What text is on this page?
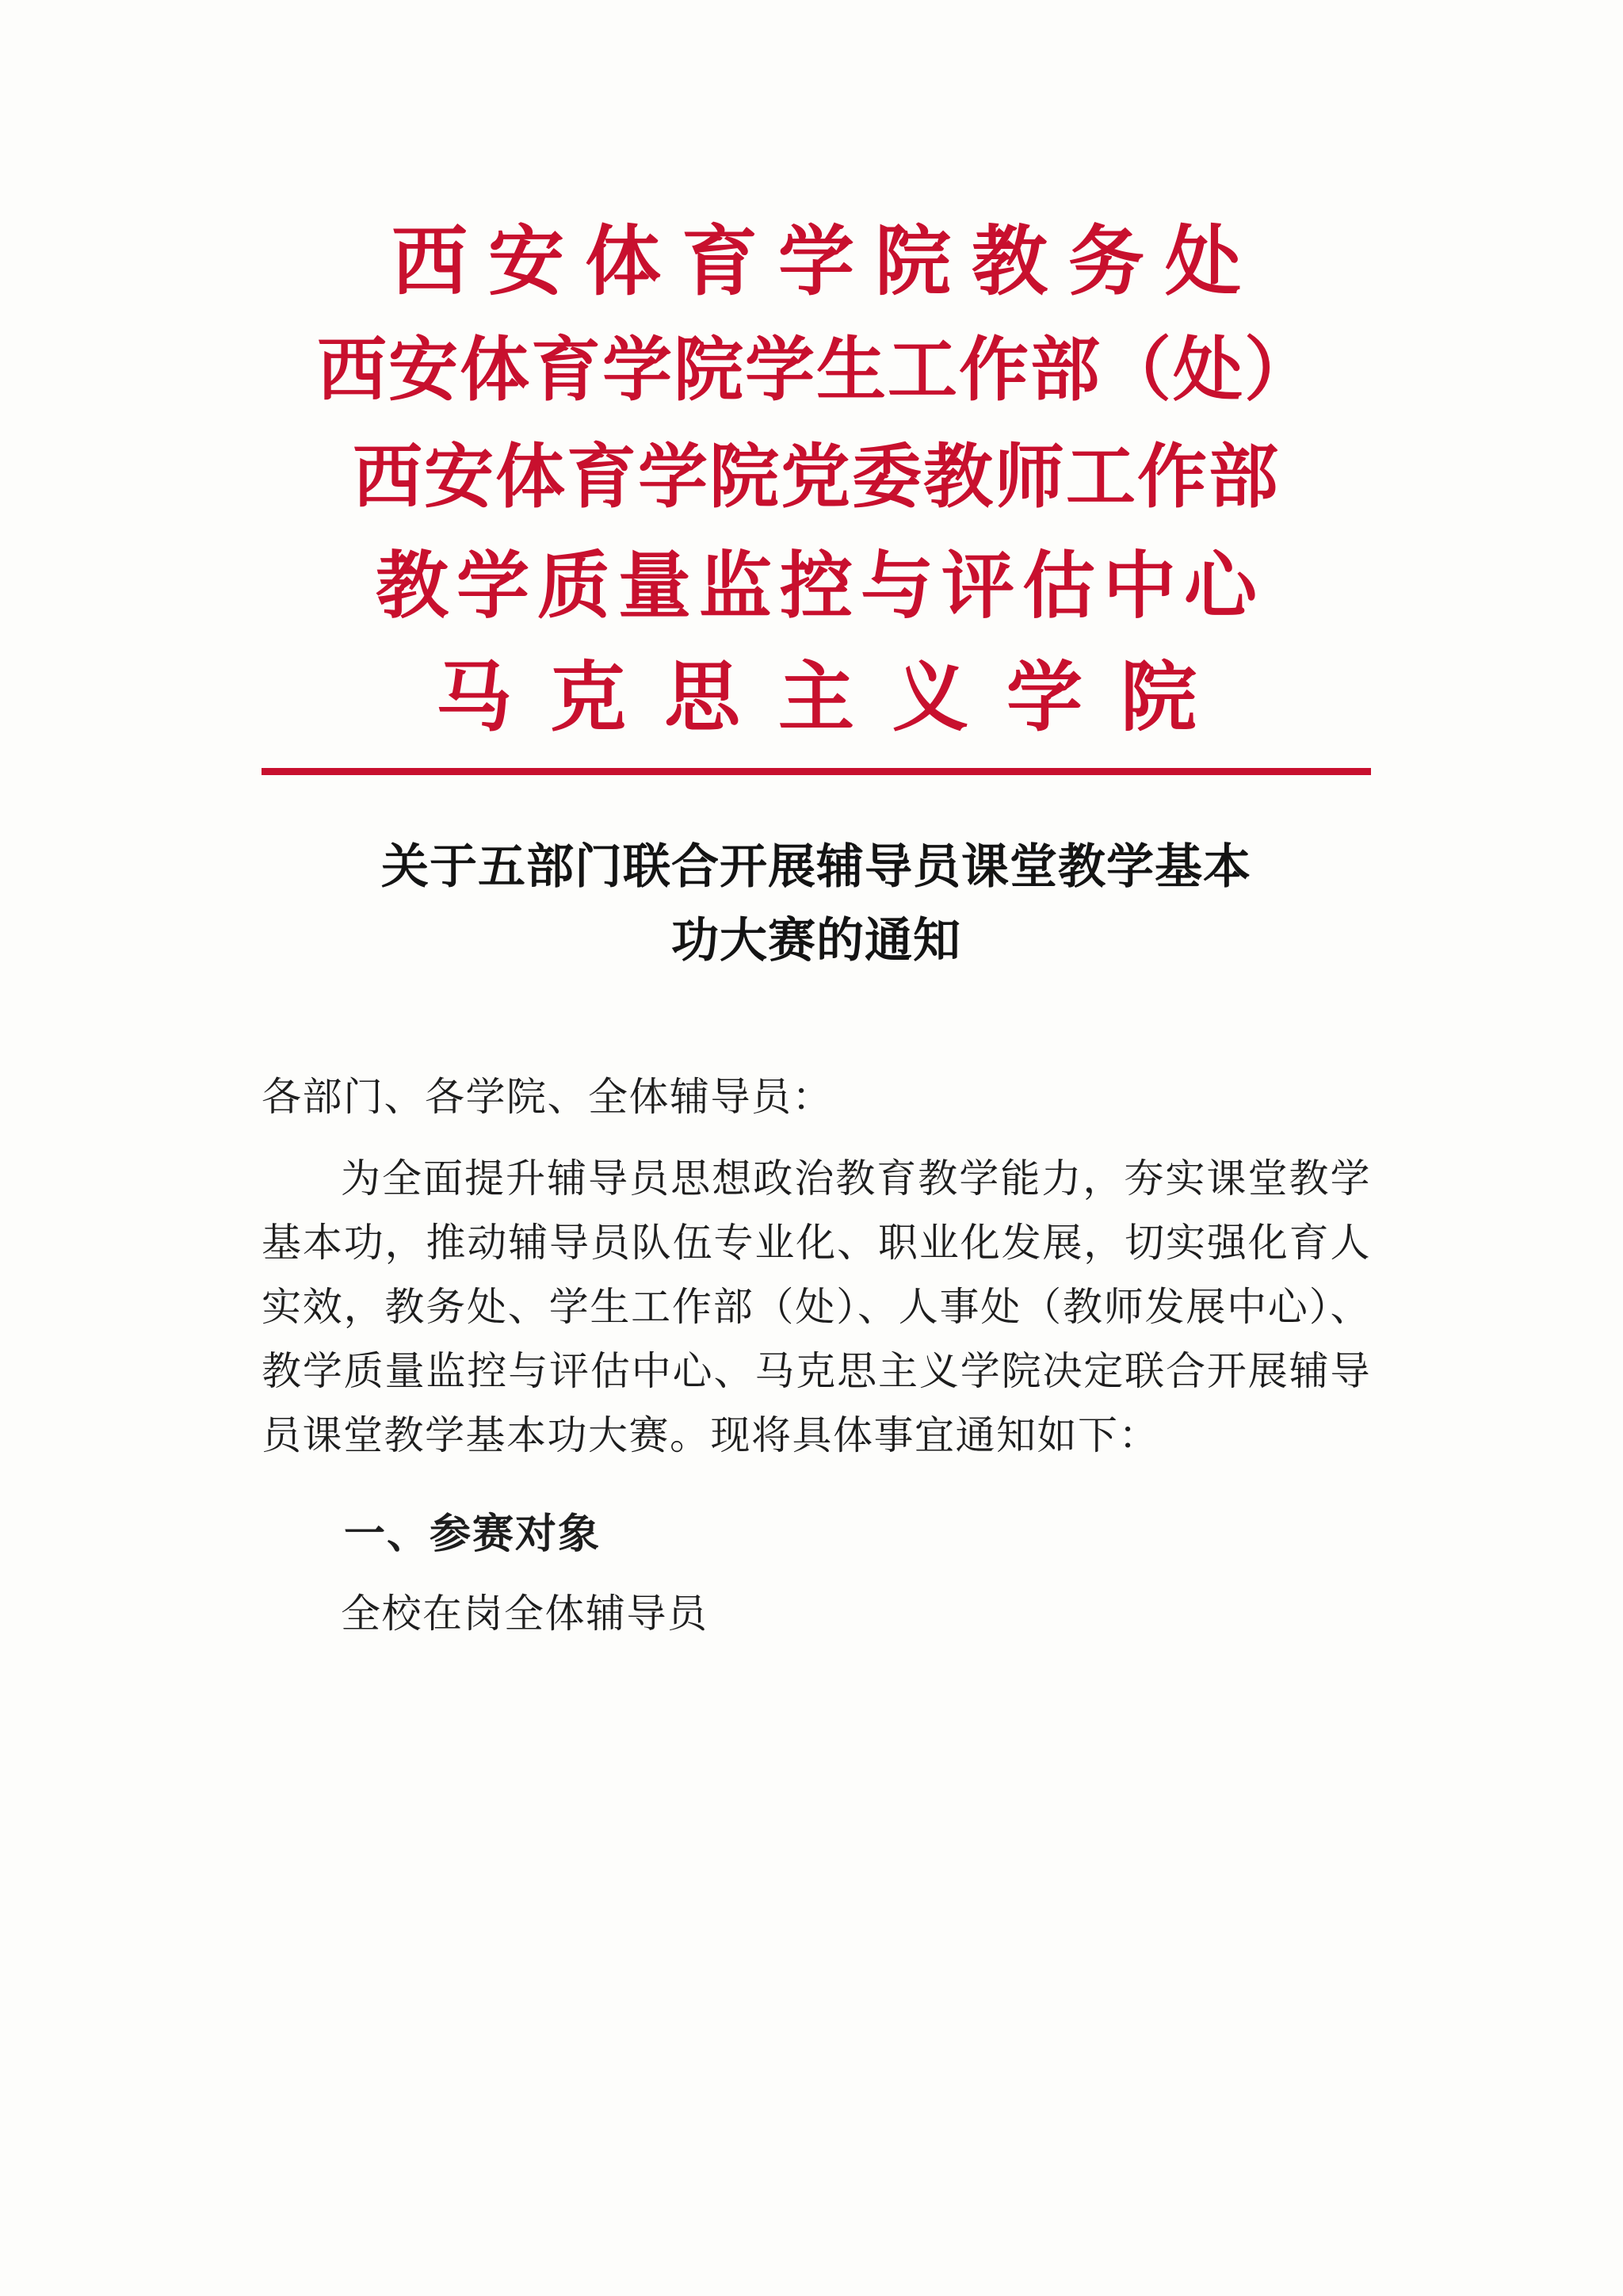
西安体育学院教务处
西安体育学院学生工作部（处）
西安体育学院党委教师工作部
教学质量监控与评估中心
马克思主义学院
关于五部门联合开展辅导员课堂教学基本
功大赛的通知
各部门、各学院、全体辅导员：

为全面提升辅导员思想政治教育教学能力，夯实课堂教学基本功，推动辅导员队伍专业化、职业化发展，切实强化育人实效，教务处、学生工作部（处）、人事处（教师发展中心）、教学质量监控与评估中心、马克思主义学院决定联合开展辅导员课堂教学基本功大赛。现将具体事宜通知如下：

一、参赛对象
全校在岗全体辅导员
